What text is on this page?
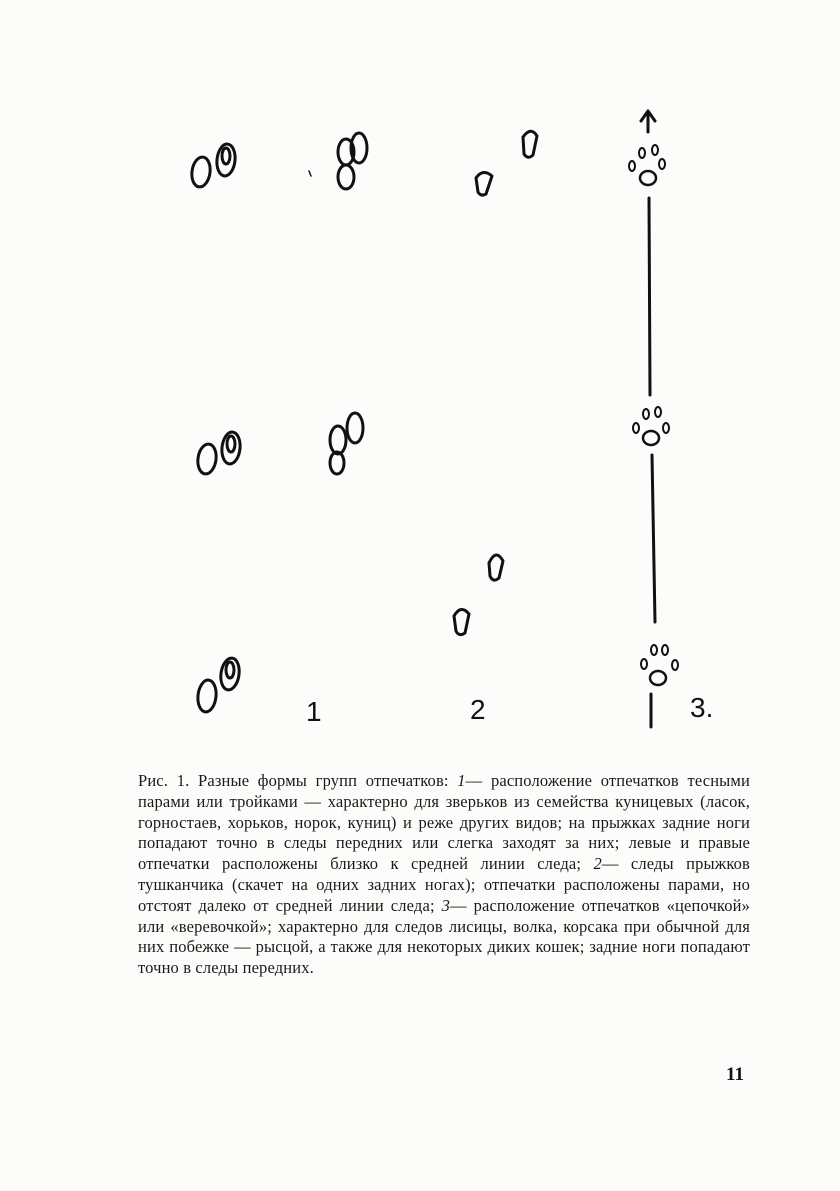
1	2	3.

Рис. 1. Разные формы групп отпечатков: 1— расположение отпечатков тесными парами или тройками — характерно для зверьков из семейства куницевых (ласок, горностаев, хорьков, норок, куниц) и реже других видов; на прыжках задние ноги попадают точно в следы передних или слегка заходят за них; левые и правые отпечатки расположены близко к средней линии следа; 2— следы прыжков тушканчика (скачет на одних задних ногах); отпечатки расположены парами, но отстоят далеко от средней линии следа; 3— расположение отпечатков «цепочкой» или «веревочкой»; характерно для следов лисицы, волка, корсака при обычной для них побежке — рысцой, а также для некоторых диких кошек; задние ноги попадают точно в следы передних.

11
